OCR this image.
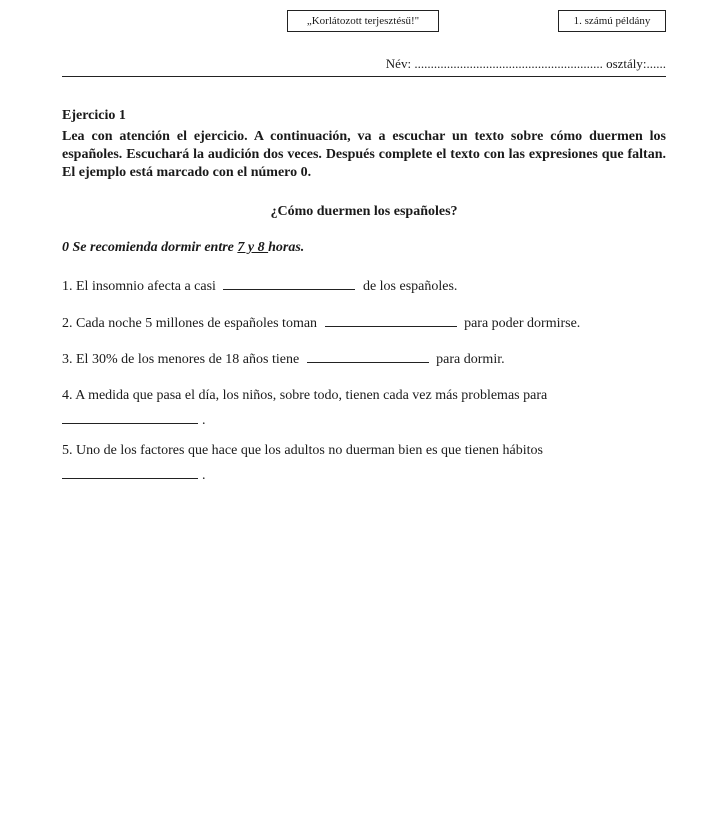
„Korlátozott terjesztésű!"	1. számú példány
Név: .......................................................... osztály:......
Ejercicio 1
Lea con atención el ejercicio. A continuación, va a escuchar un texto sobre cómo duermen los españoles. Escuchará la audición dos veces. Después complete el texto con las expresiones que faltan. El ejemplo está marcado con el número 0.
¿Cómo duermen los españoles?
0 Se recomienda dormir entre 7 y 8 horas.
1. El insomnio afecta a casi	de los españoles.
2. Cada noche 5 millones de españoles toman	para poder dormirse.
3. El 30% de los menores de 18 años tiene	para dormir.
4. A medida que pasa el día, los niños, sobre todo, tienen cada vez más problemas para
.
5. Uno de los factores que hace que los adultos no duerman bien es que tienen hábitos
.
